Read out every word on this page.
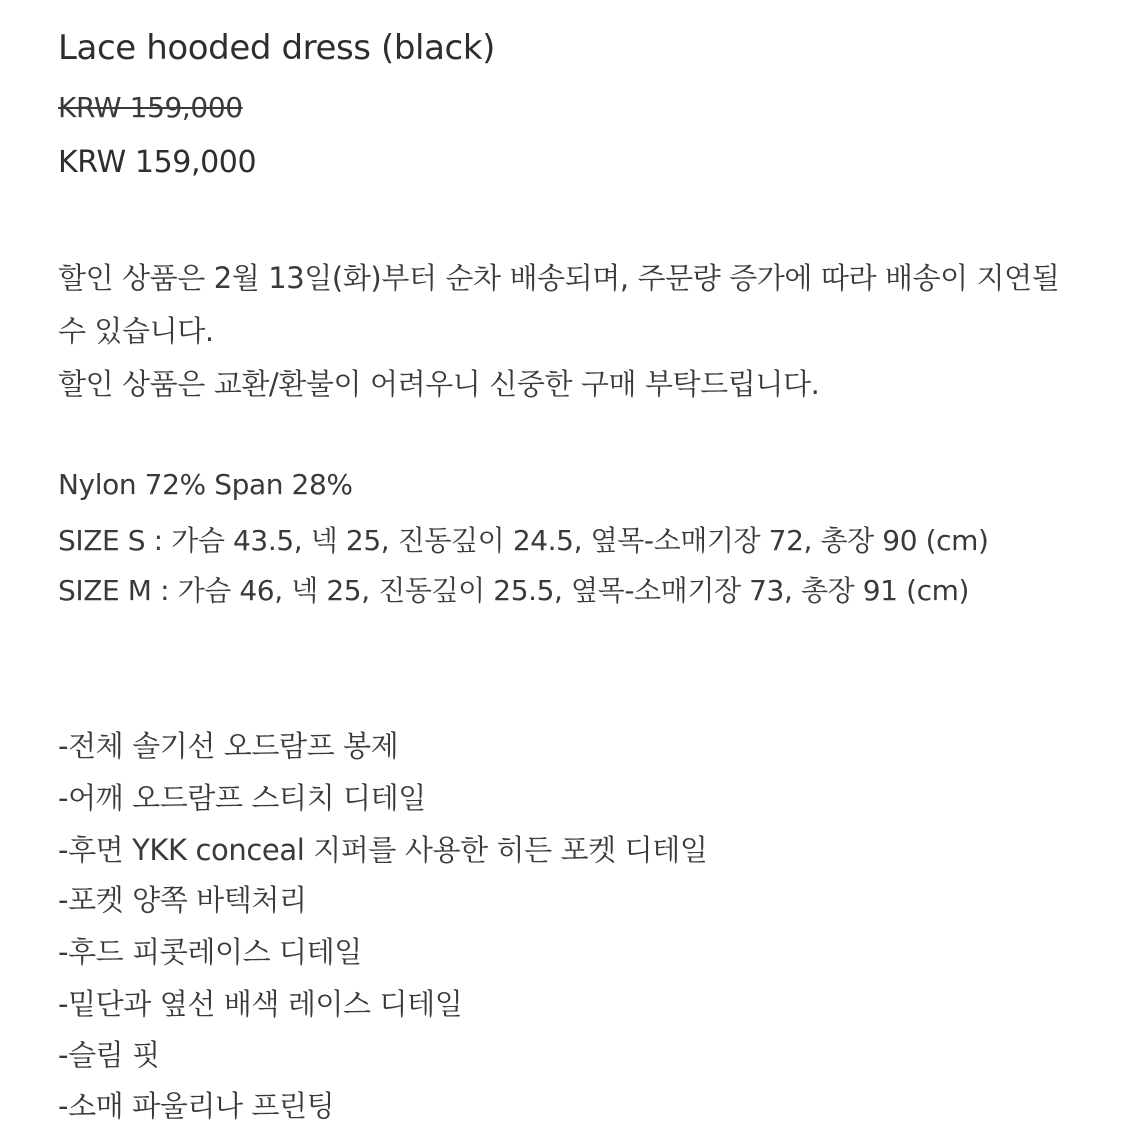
Lace hooded dress (black)
KRW 159,000
KRW 159,000
할인 상품은 2월 13일(화)부터 순차 배송되며, 주문량 증가에 따라 배송이 지연될
수 있습니다.
할인 상품은 교환/환불이 어려우니 신중한 구매 부탁드립니다.
Nylon 72% Span 28%
SIZE S : 가슴 43.5, 넥 25, 진동깊이 24.5, 옆목-소매기장 72, 총장 90 (cm)
SIZE M : 가슴 46, 넥 25, 진동깊이 25.5, 옆목-소매기장 73, 총장 91 (cm)
-전체 솔기선 오드람프 봉제
-어깨 오드람프 스티치 디테일
-후면 YKK conceal 지퍼를 사용한 히든 포켓 디테일
-포켓 양쪽 바텍처리
-후드 피콧레이스 디테일
-밑단과 옆선 배색 레이스 디테일
-슬림 핏
-소매 파울리나 프린팅
